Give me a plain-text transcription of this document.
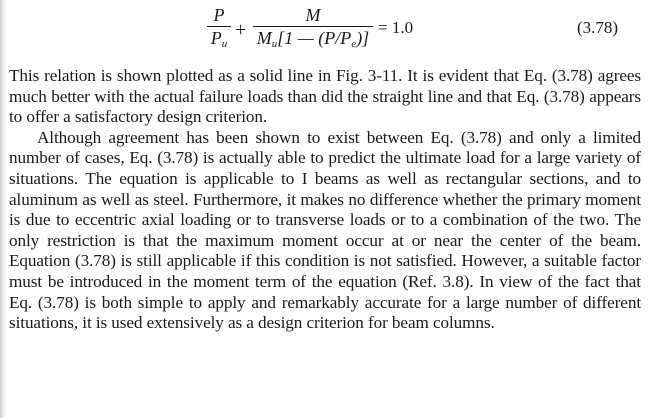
P
$P_u$
+
M
$M_u[1$ — $(P/P_e)$]
= 1.0	(3.78)

This relation is shown plotted as a solid line in Fig. 3-11. It is evident that Eq. (3.78) agrees much better with the actual failure loads than did the straight line and that Eq. (3.78) appears to offer a satisfactory design criterion.

Although agreement has been shown to exist between Eq. (3.78) and only a limited number of cases, Eq. (3.78) is actually able to predict the ultimate load for a large variety of situations. The equation is applicable to I beams as well as rectangular sections, and to aluminum as well as steel. Furthermore, it makes no difference whether the primary moment is due to eccentric axial loading or to transverse loads or to a combination of the two. The only restriction is that the maximum moment occur at or near the center of the beam. Equation (3.78) is still applicable if this condition is not satisfied. However, a suitable factor must be introduced in the moment term of the equation (Ref. 3.8). In view of the fact that Eq. (3.78) is both simple to apply and remarkably accurate for a large number of different situations, it is used extensively as a design criterion for beam columns.
